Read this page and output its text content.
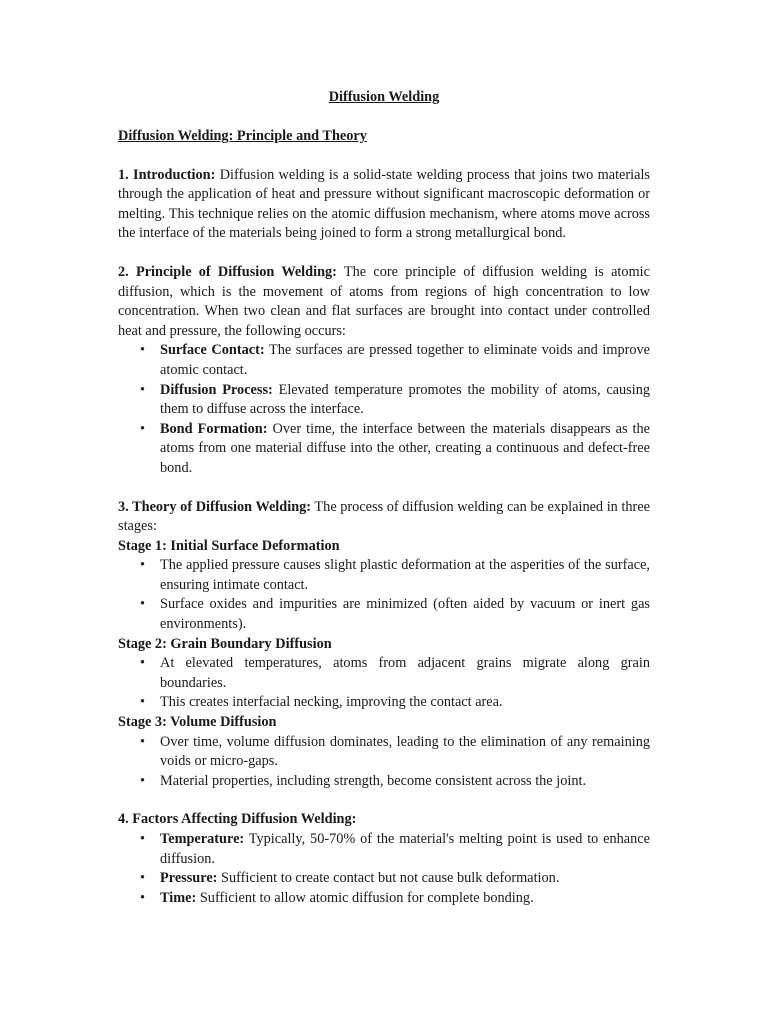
Diffusion Welding
Diffusion Welding: Principle and Theory

1. Introduction: Diffusion welding is a solid-state welding process that joins two materials through the application of heat and pressure without significant macroscopic deformation or melting. This technique relies on the atomic diffusion mechanism, where atoms move across the interface of the materials being joined to form a strong metallurgical bond.

2. Principle of Diffusion Welding: The core principle of diffusion welding is atomic diffusion, which is the movement of atoms from regions of high concentration to low concentration. When two clean and flat surfaces are brought into contact under controlled heat and pressure, the following occurs:

• Surface Contact: The surfaces are pressed together to eliminate voids and improve atomic contact.
• Diffusion Process: Elevated temperature promotes the mobility of atoms, causing them to diffuse across the interface.
• Bond Formation: Over time, the interface between the materials disappears as the atoms from one material diffuse into the other, creating a continuous and defect-free bond.

3. Theory of Diffusion Welding: The process of diffusion welding can be explained in three stages:

Stage 1: Initial Surface Deformation
• The applied pressure causes slight plastic deformation at the asperities of the surface, ensuring intimate contact.
• Surface oxides and impurities are minimized (often aided by vacuum or inert gas environments).
Stage 2: Grain Boundary Diffusion
• At elevated temperatures, atoms from adjacent grains migrate along grain boundaries.
• This creates interfacial necking, improving the contact area.
Stage 3: Volume Diffusion
• Over time, volume diffusion dominates, leading to the elimination of any remaining voids or micro-gaps.
• Material properties, including strength, become consistent across the joint.

4. Factors Affecting Diffusion Welding:

• Temperature: Typically, 50-70% of the material's melting point is used to enhance diffusion.
• Pressure: Sufficient to create contact but not cause bulk deformation.
• Time: Sufficient to allow atomic diffusion for complete bonding.
